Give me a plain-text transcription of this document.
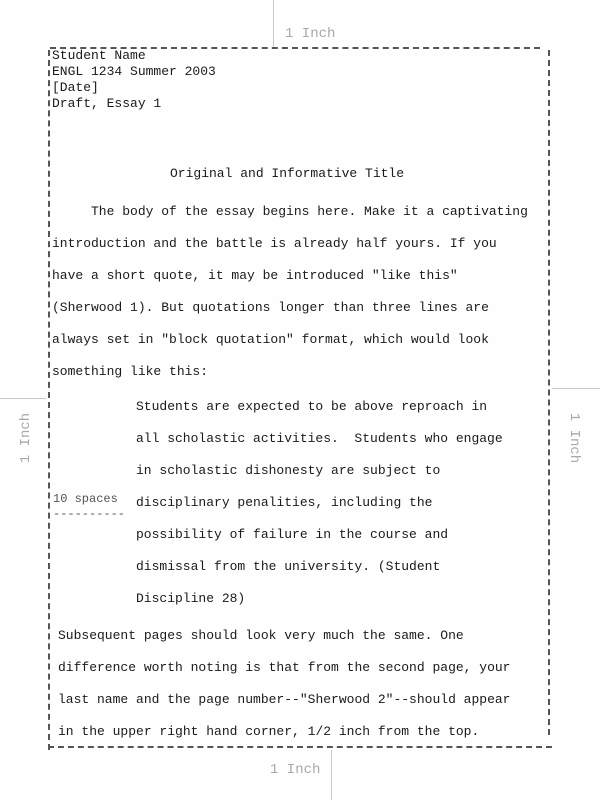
1 Inch
1 Inch
1 Inch	1 Inch
Student Name
ENGL 1234 Summer 2003
[Date]
Draft, Essay 1
Original and Informative Title
The body of the essay begins here. Make it a captivating
introduction and the battle is already half yours. If you
have a short quote, it may be introduced "like this"
(Sherwood 1). But quotations longer than three lines are
always set in "block quotation" format, which would look
something like this:
Students are expected to be above reproach in
all scholastic activities.  Students who engage
in scholastic dishonesty are subject to
disciplinary penalities, including the
possibility of failure in the course and
dismissal from the university. (Student
Discipline 28)
10 spaces
----------
Subsequent pages should look very much the same. One
difference worth noting is that from the second page, your
last name and the page number--"Sherwood 2"--should appear
in the upper right hand corner, 1/2 inch from the top.
